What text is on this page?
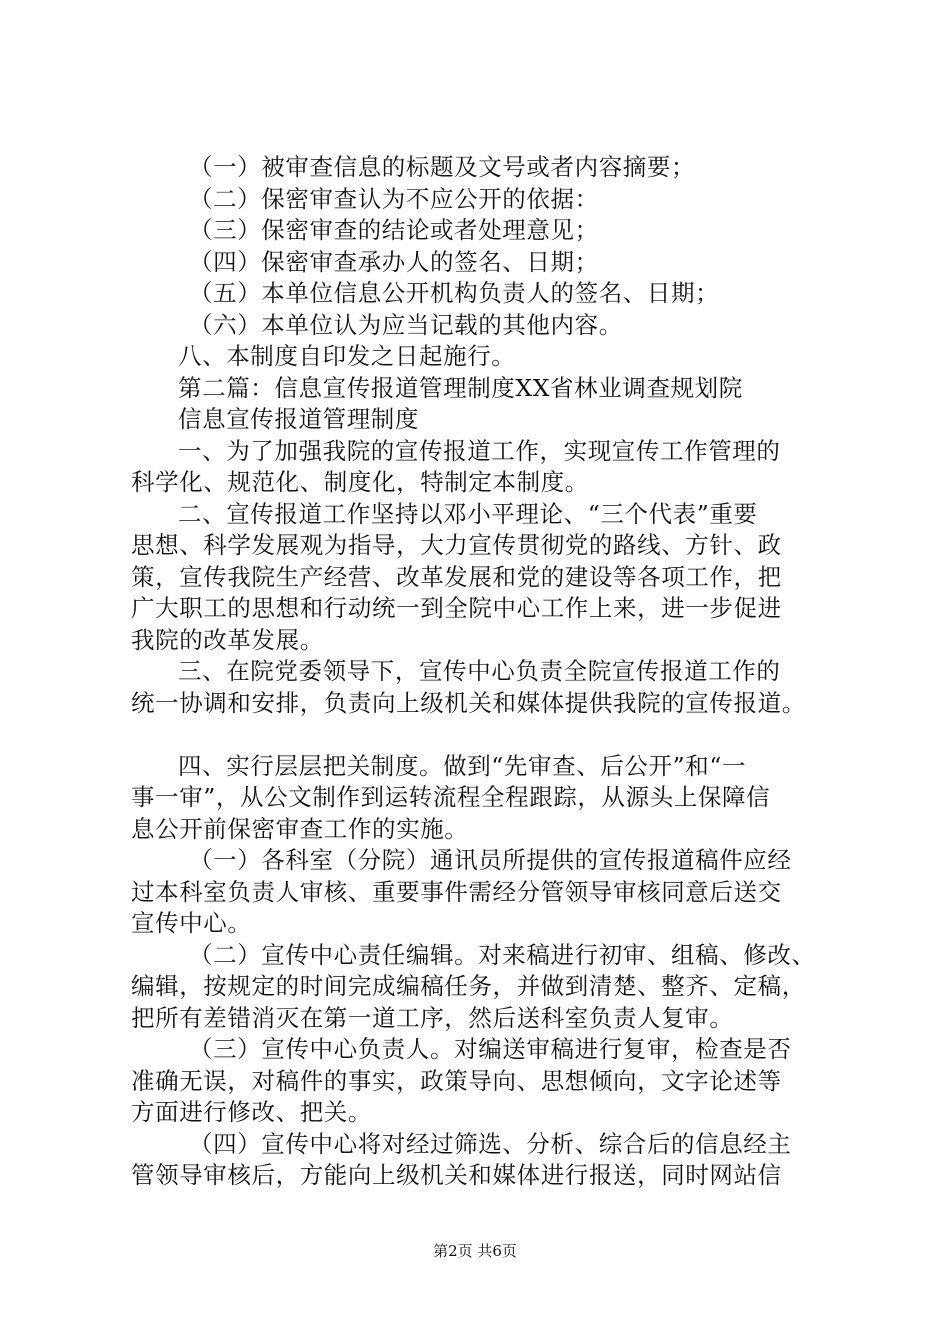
（一）被审查信息的标题及文号或者内容摘要；
（二）保密审查认为不应公开的依据：
（三）保密审查的结论或者处理意见；
（四）保密审查承办人的签名、日期；
（五）本单位信息公开机构负责人的签名、日期；
（六）本单位认为应当记载的其他内容。
八、本制度自印发之日起施行。
第二篇：信息宣传报道管理制度XX省林业调查规划院
信息宣传报道管理制度
一、为了加强我院的宣传报道工作，实现宣传工作管理的
科学化、规范化、制度化，特制定本制度。
二、宣传报道工作坚持以邓小平理论、“三个代表”重要
思想、科学发展观为指导，大力宣传贯彻党的路线、方针、政
策，宣传我院生产经营、改革发展和党的建设等各项工作，把
广大职工的思想和行动统一到全院中心工作上来，进一步促进
我院的改革发展。
三、在院党委领导下，宣传中心负责全院宣传报道工作的
统一协调和安排，负责向上级机关和媒体提供我院的宣传报道。
四、实行层层把关制度。做到“先审查、后公开”和“一
事一审”，从公文制作到运转流程全程跟踪，从源头上保障信
息公开前保密审查工作的实施。
（一）各科室（分院）通讯员所提供的宣传报道稿件应经
过本科室负责人审核、重要事件需经分管领导审核同意后送交
宣传中心。
（二）宣传中心责任编辑。对来稿进行初审、组稿、修改、
编辑，按规定的时间完成编稿任务，并做到清楚、整齐、定稿，
把所有差错消灭在第一道工序，然后送科室负责人复审。
（三）宣传中心负责人。对编送审稿进行复审，检查是否
准确无误，对稿件的事实，政策导向、思想倾向，文字论述等
方面进行修改、把关。
（四）宣传中心将对经过筛选、分析、综合后的信息经主
管领导审核后，方能向上级机关和媒体进行报送，同时网站信
第2页 共6页
